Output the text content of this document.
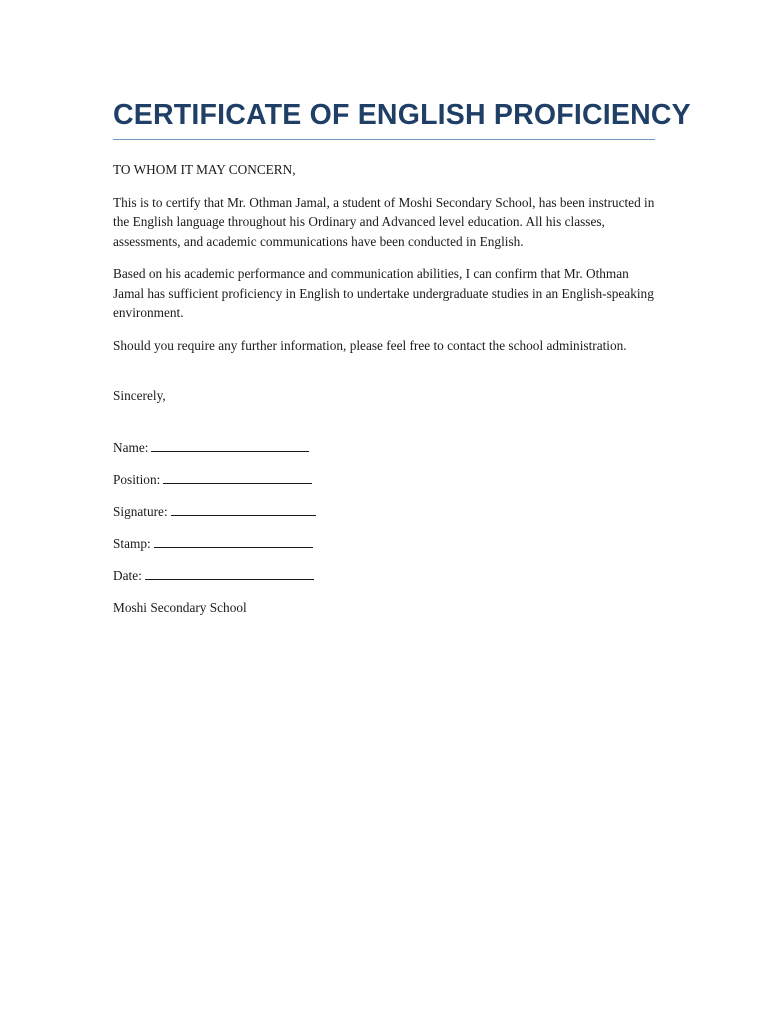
CERTIFICATE OF ENGLISH PROFICIENCY

TO WHOM IT MAY CONCERN,

This is to certify that Mr. Othman Jamal, a student of Moshi Secondary School, has been instructed in the English language throughout his Ordinary and Advanced level education. All his classes, assessments, and academic communications have been conducted in English.

Based on his academic performance and communication abilities, I can confirm that Mr. Othman Jamal has sufficient proficiency in English to undertake undergraduate studies in an English-speaking environment.

Should you require any further information, please feel free to contact the school administration.

Sincerely,

Name:
Position:
Signature:
Stamp:
Date:

Moshi Secondary School
